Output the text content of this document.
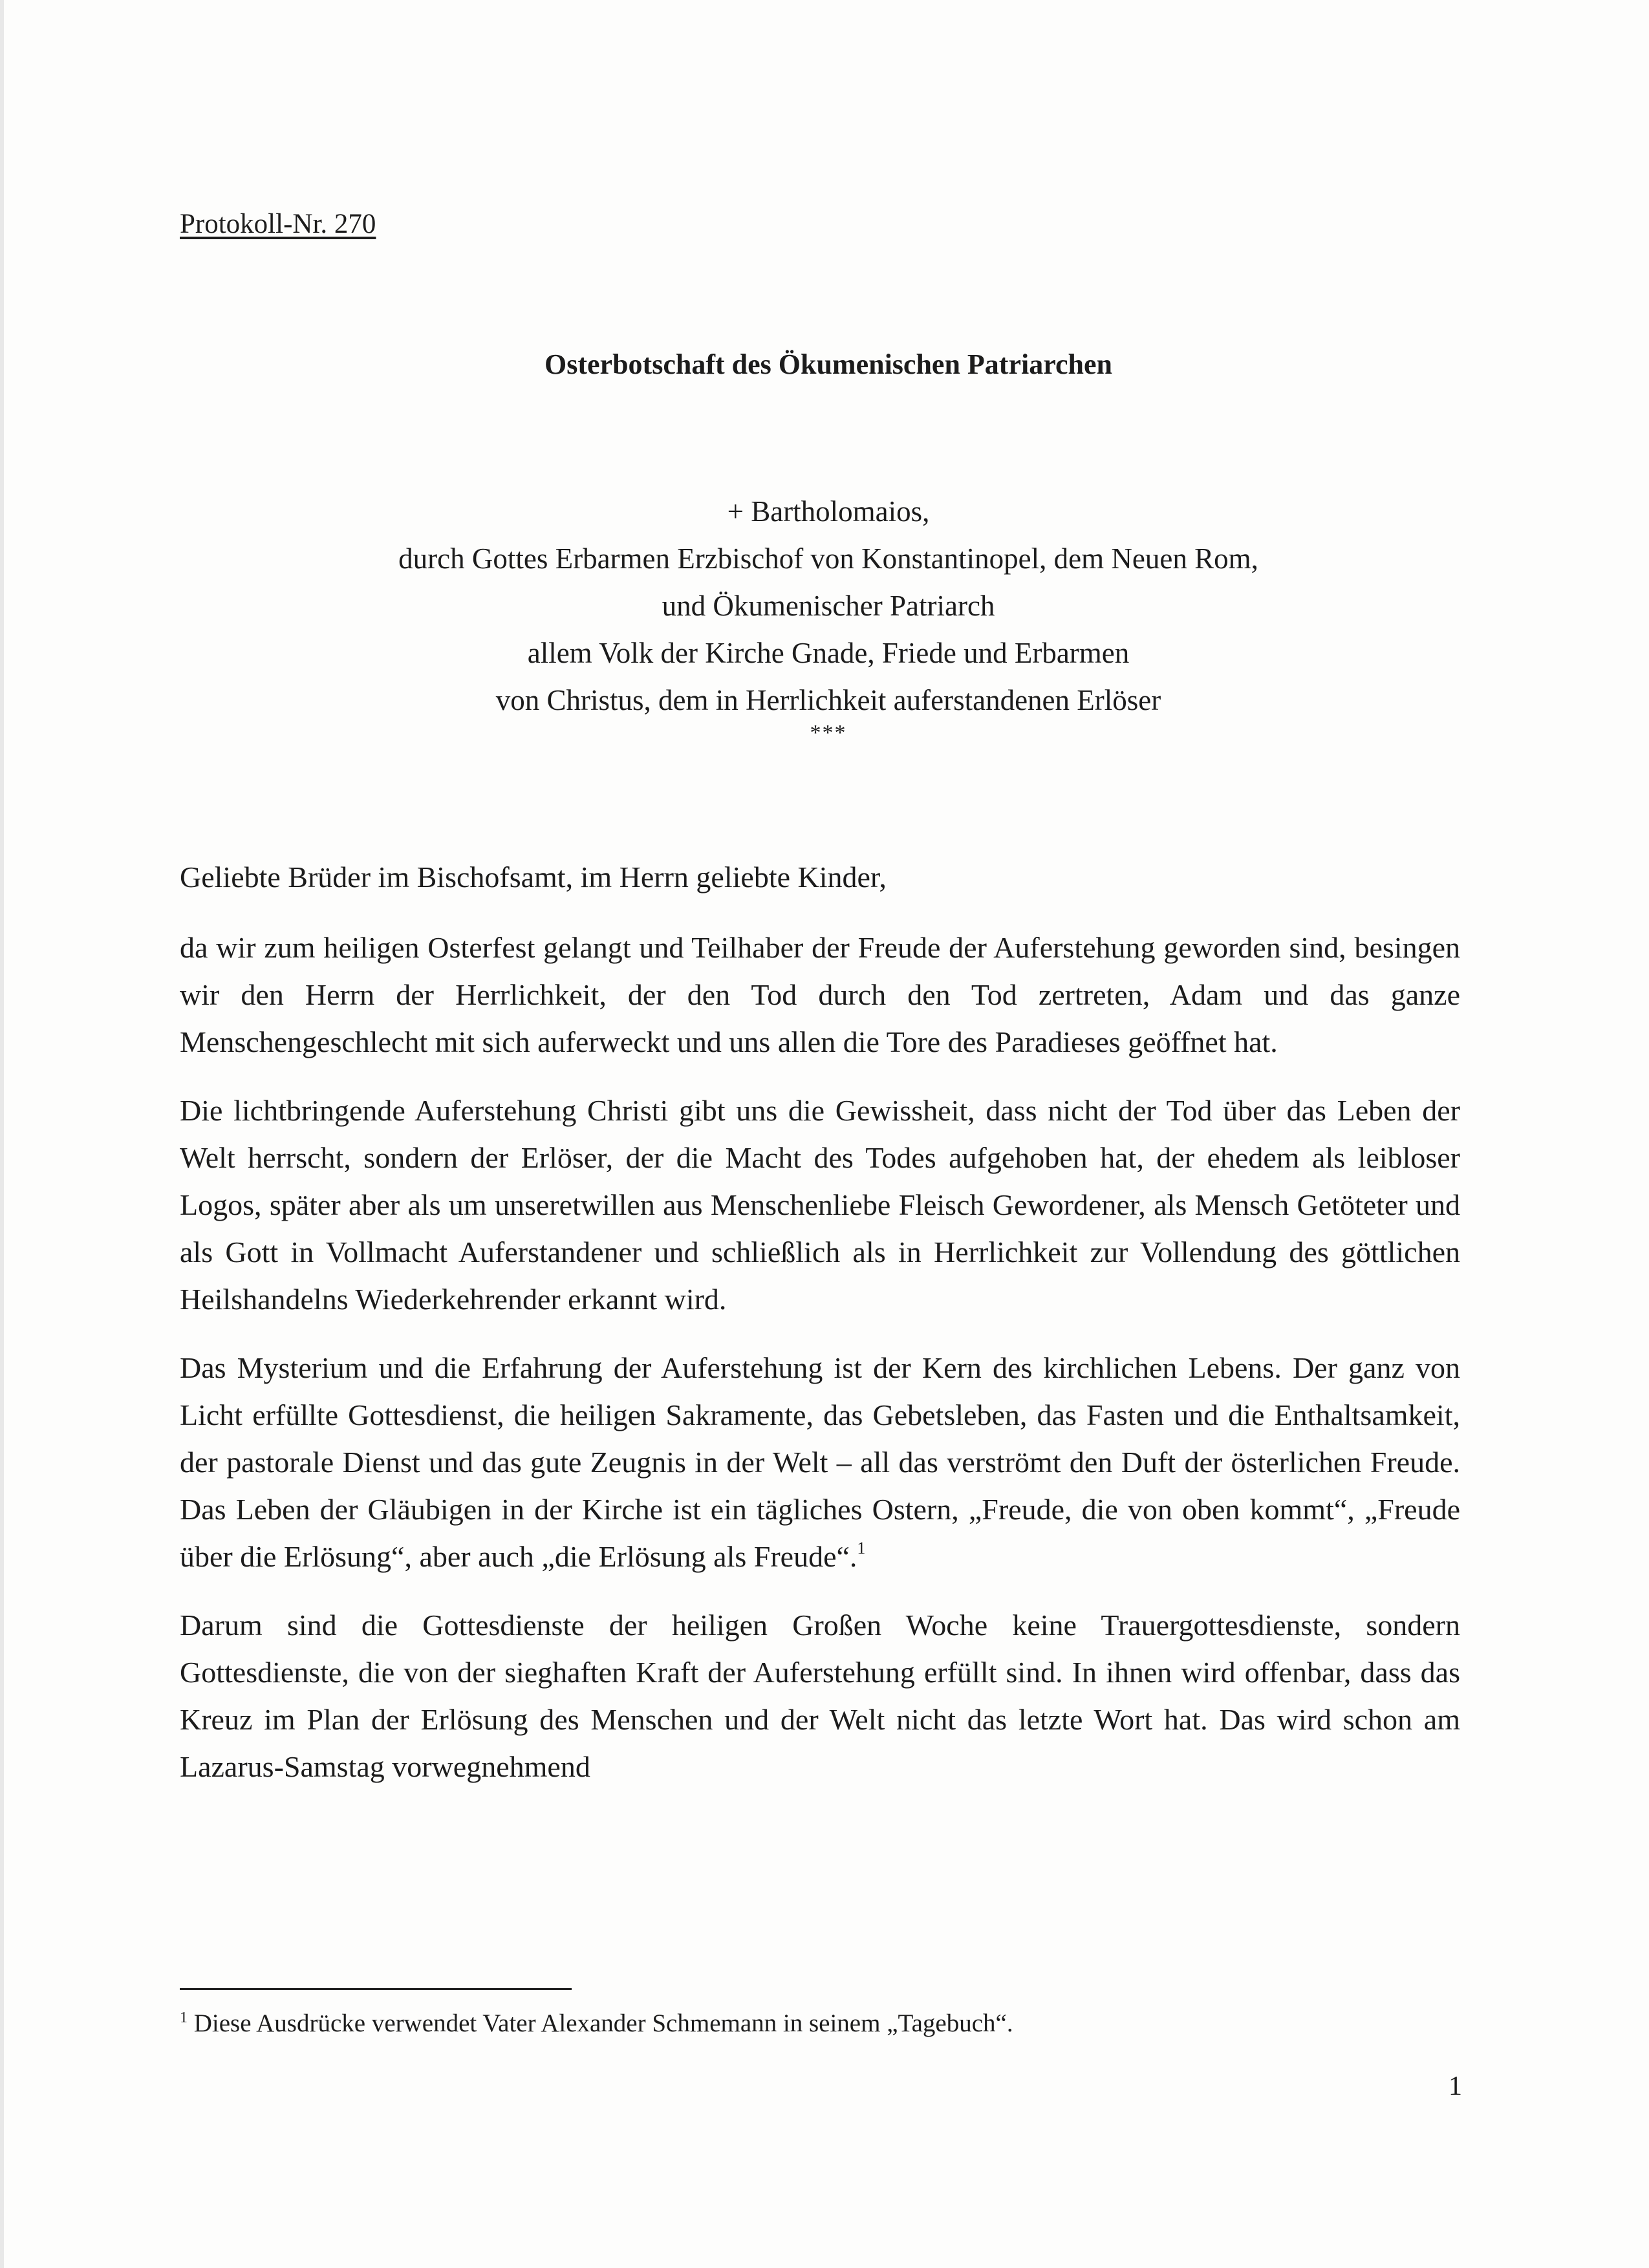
Protokoll-Nr. 270
Osterbotschaft des Ökumenischen Patriarchen
+ Bartholomaios,
durch Gottes Erbarmen Erzbischof von Konstantinopel, dem Neuen Rom,
und Ökumenischer Patriarch
allem Volk der Kirche Gnade, Friede und Erbarmen
von Christus, dem in Herrlichkeit auferstandenen Erlöser
***

Geliebte Brüder im Bischofsamt, im Herrn geliebte Kinder,

da wir zum heiligen Osterfest gelangt und Teilhaber der Freude der Auferstehung geworden sind, besingen wir den Herrn der Herrlichkeit, der den Tod durch den Tod zertreten, Adam und das ganze Menschengeschlecht mit sich auferweckt und uns allen die Tore des Paradieses geöffnet hat.

Die lichtbringende Auferstehung Christi gibt uns die Gewissheit, dass nicht der Tod über das Leben der Welt herrscht, sondern der Erlöser, der die Macht des Todes aufgehoben hat, der ehedem als leibloser Logos, später aber als um unseretwillen aus Menschenliebe Fleisch Gewordener, als Mensch Getöteter und als Gott in Vollmacht Auferstandener und schließlich als in Herrlichkeit zur Vollendung des göttlichen Heilshandelns Wiederkehrender erkannt wird.

Das Mysterium und die Erfahrung der Auferstehung ist der Kern des kirchlichen Lebens. Der ganz von Licht erfüllte Gottesdienst, die heiligen Sakramente, das Gebetsleben, das Fasten und die Enthaltsamkeit, der pastorale Dienst und das gute Zeugnis in der Welt – all das verströmt den Duft der österlichen Freude. Das Leben der Gläubigen in der Kirche ist ein tägliches Ostern, „Freude, die von oben kommt“, „Freude über die Erlösung“, aber auch „die Erlösung als Freude“.$^1$

Darum sind die Gottesdienste der heiligen Großen Woche keine Trauergottesdienste, sondern Gottesdienste, die von der sieghaften Kraft der Auferstehung erfüllt sind. In ihnen wird offenbar, dass das Kreuz im Plan der Erlösung des Menschen und der Welt nicht das letzte Wort hat. Das wird schon am Lazarus-Samstag vorwegnehmend

$^1$ Diese Ausdrücke verwendet Vater Alexander Schmemann in seinem „Tagebuch“.
1
